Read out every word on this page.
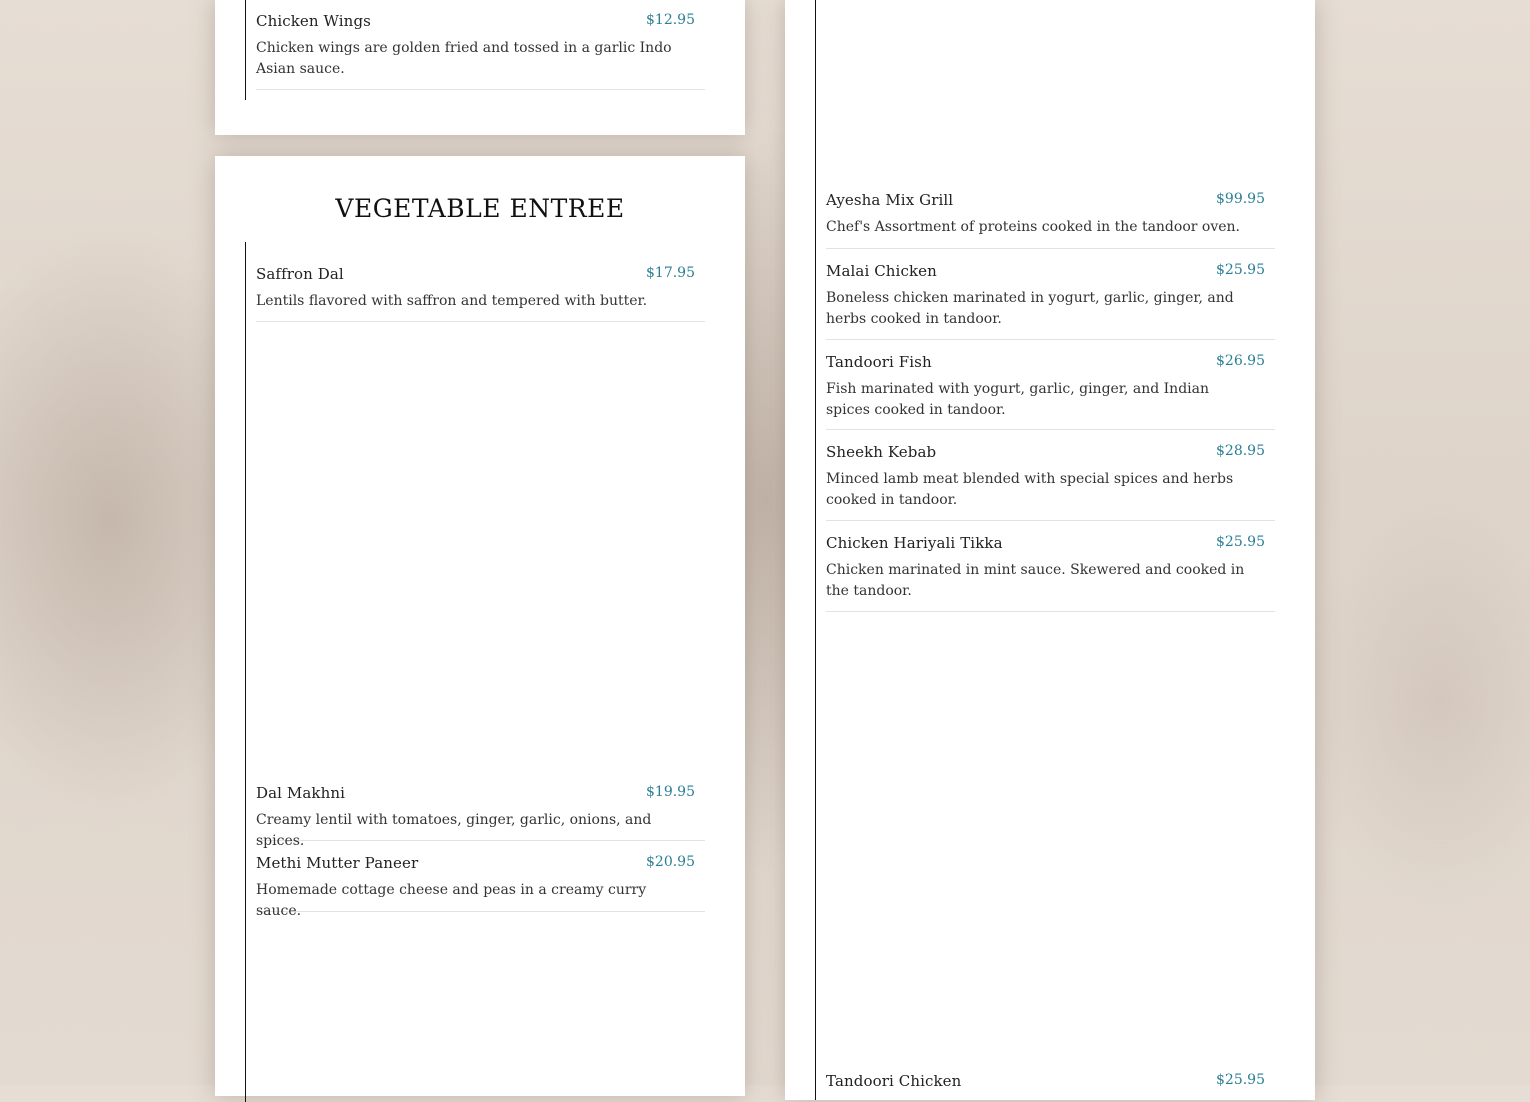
Chicken Wings	$12.95
Chicken wings are golden fried and tossed in a garlic Indo Asian sauce.
VEGETABLE ENTREE
Saffron Dal	$17.95
Lentils flavored with saffron and tempered with butter.
Dal Makhni	$19.95
Creamy lentil with tomatoes, ginger, garlic, onions, and spices.
Methi Mutter Paneer	$20.95
Homemade cottage cheese and peas in a creamy curry sauce.
Ayesha Mix Grill	$99.95
Chef's Assortment of proteins cooked in the tandoor oven.
Malai Chicken	$25.95
Boneless chicken marinated in yogurt, garlic, ginger, and herbs cooked in tandoor.
Tandoori Fish	$26.95
Fish marinated with yogurt, garlic, ginger, and Indian spices cooked in tandoor.
Sheekh Kebab	$28.95
Minced lamb meat blended with special spices and herbs cooked in tandoor.
Chicken Hariyali Tikka	$25.95
Chicken marinated in mint sauce. Skewered and cooked in the tandoor.
Tandoori Chicken	$25.95
